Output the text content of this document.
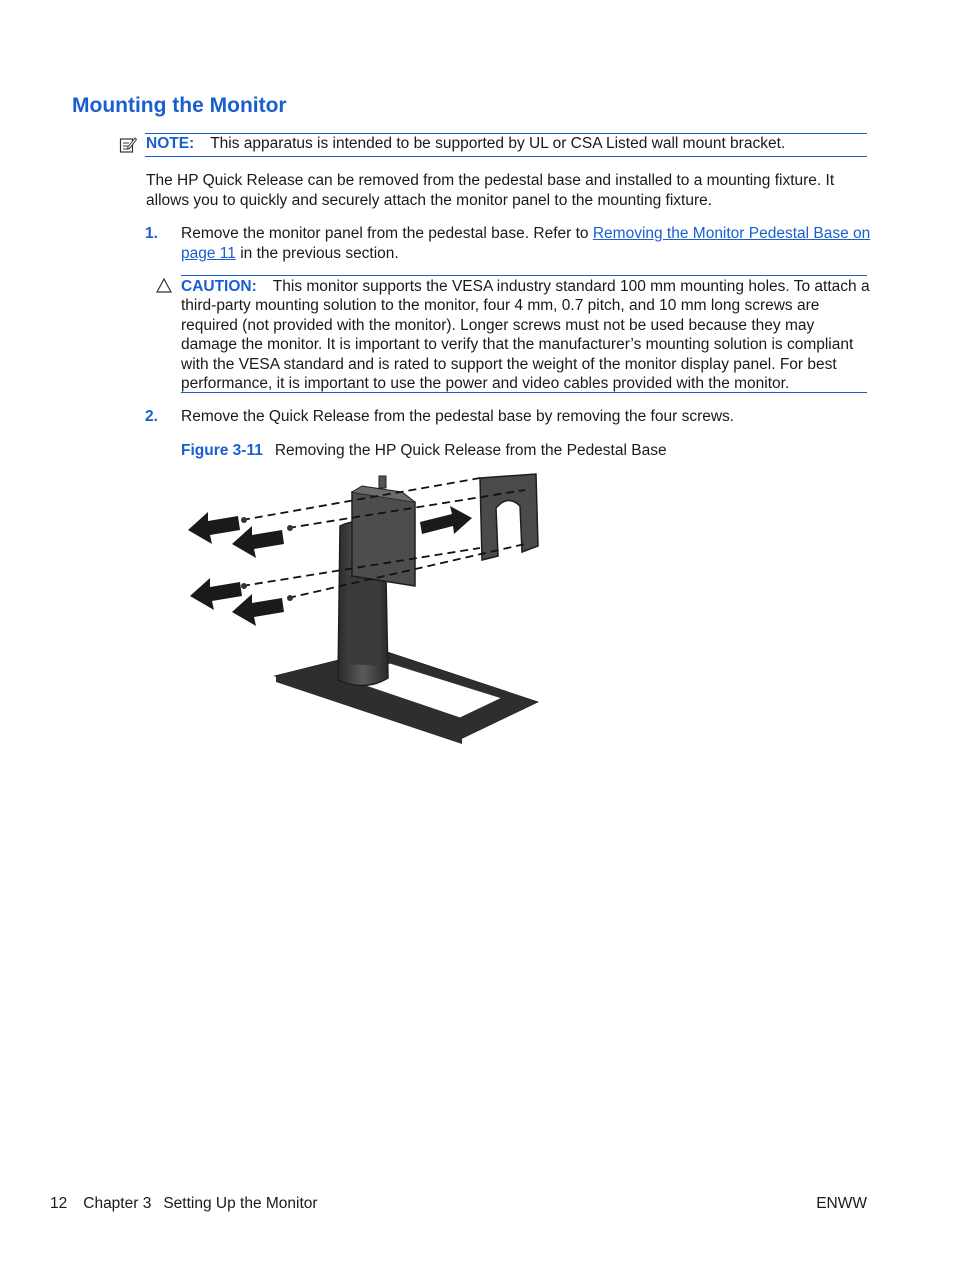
Mounting the Monitor
NOTE: This apparatus is intended to be supported by UL or CSA Listed wall mount bracket.

The HP Quick Release can be removed from the pedestal base and installed to a mounting fixture. It allows you to quickly and securely attach the monitor panel to the mounting fixture.

1. Remove the monitor panel from the pedestal base. Refer to Removing the Monitor Pedestal Base on page 11 in the previous section.

CAUTION: This monitor supports the VESA industry standard 100 mm mounting holes. To attach a third-party mounting solution to the monitor, four 4 mm, 0.7 pitch, and 10 mm long screws are required (not provided with the monitor). Longer screws must not be used because they may damage the monitor. It is important to verify that the manufacturer’s mounting solution is compliant with the VESA standard and is rated to support the weight of the monitor display panel. For best performance, it is important to use the power and video cables provided with the monitor.

2. Remove the Quick Release from the pedestal base by removing the four screws.
Figure 3-11 Removing the HP Quick Release from the Pedestal Base
12 Chapter 3 Setting Up the Monitor	ENWW
